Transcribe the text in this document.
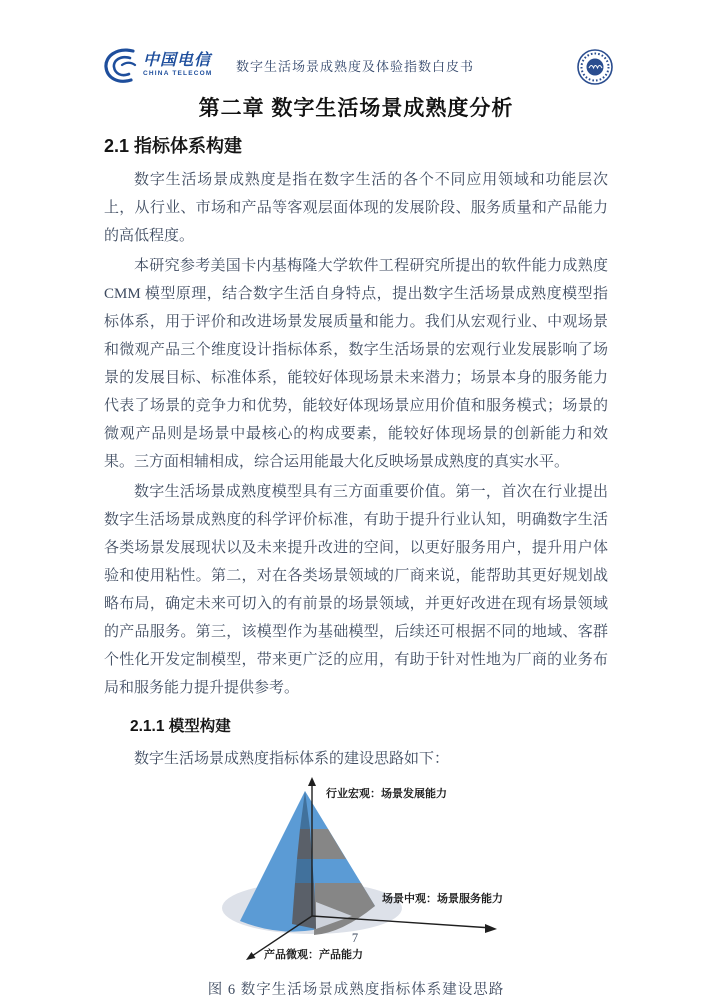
中国电信
CHINA TELECOM	数字生活场景成熟度及体验指数白皮书
第二章 数字生活场景成熟度分析
2.1 指标体系构建

数字生活场景成熟度是指在数字生活的各个不同应用领域和功能层次上，从行业、市场和产品等客观层面体现的发展阶段、服务质量和产品能力的高低程度。

本研究参考美国卡内基梅隆大学软件工程研究所提出的软件能力成熟度 CMM 模型原理，结合数字生活自身特点，提出数字生活场景成熟度模型指标体系，用于评价和改进场景发展质量和能力。我们从宏观行业、中观场景和微观产品三个维度设计指标体系，数字生活场景的宏观行业发展影响了场景的发展目标、标准体系，能较好体现场景未来潜力；场景本身的服务能力代表了场景的竞争力和优势，能较好体现场景应用价值和服务模式；场景的微观产品则是场景中最核心的构成要素，能较好体现场景的创新能力和效果。三方面相辅相成，综合运用能最大化反映场景成熟度的真实水平。

数字生活场景成熟度模型具有三方面重要价值。第一，首次在行业提出数字生活场景成熟度的科学评价标准，有助于提升行业认知，明确数字生活各类场景发展现状以及未来提升改进的空间，以更好服务用户，提升用户体验和使用粘性。第二，对在各类场景领域的厂商来说，能帮助其更好规划战略布局，确定未来可切入的有前景的场景领域，并更好改进在现有场景领域的产品服务。第三，该模型作为基础模型，后续还可根据不同的地域、客群个性化开发定制模型，带来更广泛的应用，有助于针对性地为厂商的业务布局和服务能力提升提供参考。

2.1.1 模型构建

数字生活场景成熟度指标体系的建设思路如下：

行业宏观：场景发展能力
场景中观：场景服务能力
产品微观：产品能力
图 6 数字生活场景成熟度指标体系建设思路
7
